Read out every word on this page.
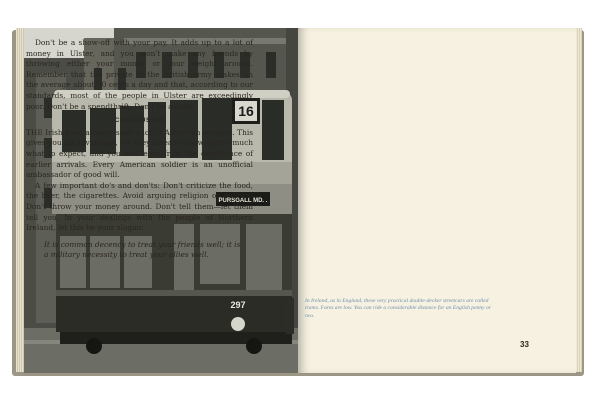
16
PURSGALL MD. .
297	In Ireland, as in England, these very practical double-decker streetcars are called trams. Fares are low. You can ride a considerable distance for an English penny or two.

Don't be a show-off with your pay. It adds up to a lot of money in Ulster, and you won't make any friends by throwing either your money or your weight around. Remember that the private in the British army makes on the average about 50 cents a day and that, according to our standards, most of the people in Ulster are exceedingly poor. Don't be a spendthrift. Don't be a dope.

CONCLUSION

THE Irish have already seen a lot of American soldiers. This gives you an advantage, for they already know pretty much what to expect, and you can learn from the experience of earlier arrivals. Every American soldier is an unofficial ambassador of good will.

A few important do's and don'ts: Don't criticize the food, the beer, the cigarettes. Avoid arguing religion or politics. Don't throw your money around. Don't tell them—let them tell you. In your dealings with the people of Northern Ireland, let this be your slogan:

It is common decency to treat your friends well; it is a military necessity to treat your allies well.

33
